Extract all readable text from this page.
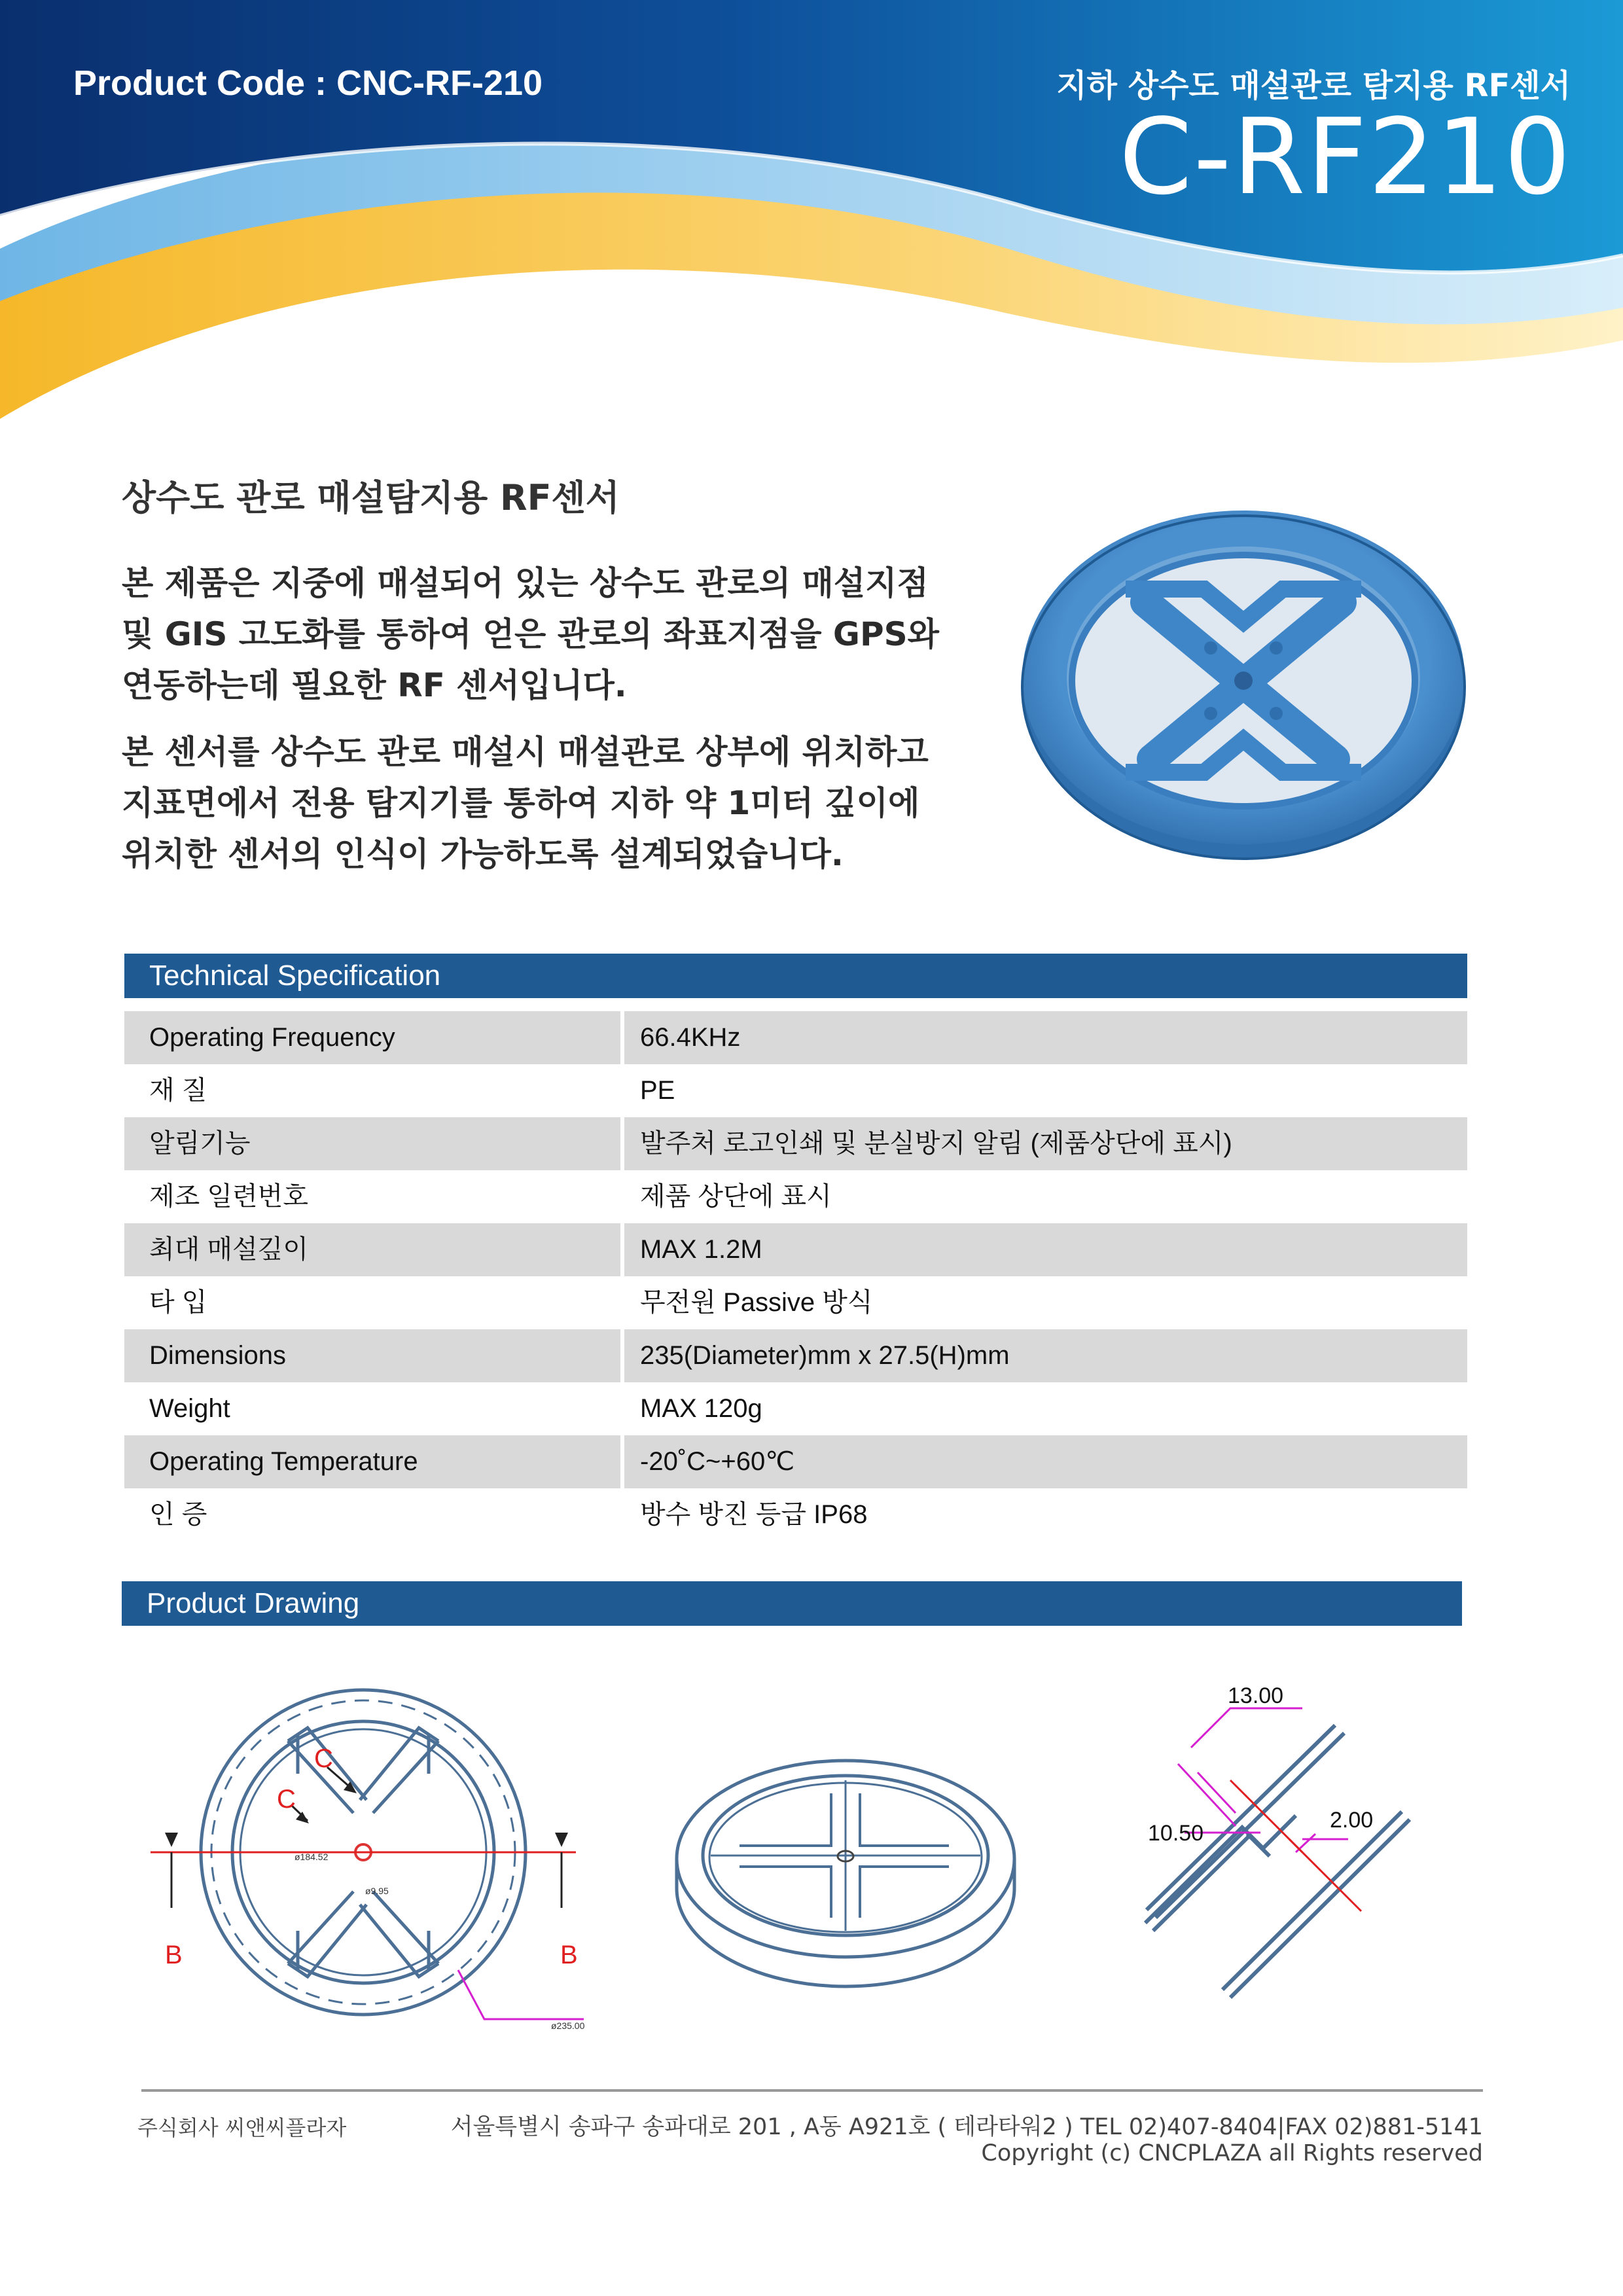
Product Code : CNC-RF-210	지하 상수도 매설관로 탐지용 RF센서
C-RF210
상수도 관로 매설탐지용 RF센서

본 제품은 지중에 매설되어 있는 상수도 관로의 매설지점
및 GIS 고도화를 통하여 얻은 관로의 좌표지점을 GPS와
연동하는데 필요한 RF 센서입니다.

본 센서를 상수도 관로 매설시 매설관로 상부에 위치하고
지표면에서 전용 탐지기를 통하여 지하 약 1미터 깊이에
위치한 센서의 인식이 가능하도록 설계되었습니다.

Technical Specification
Operating Frequency	66.4KHz
재 질	PE
알림기능	발주처 로고인쇄 및 분실방지 알림 (제품상단에 표시)
제조 일련번호	제품 상단에 표시
최대 매설깊이	MAX 1.2M
타 입	무전원 Passive 방식
Dimensions	235(Diameter)mm x 27.5(H)mm
Weight	MAX 120g
Operating Temperature	-20˚C~+60℃
인 증	방수 방진 등급 IP68
Product Drawing
B	B
C
C
ø184.52
ø9.95
ø235.00
13.00
10.50
2.00
주식회사 씨앤씨플라자	서울특별시 송파구 송파대로 201 , A동 A921호 ( 테라타워2 ) TEL 02)407-8404|FAX 02)881-5141
Copyright (c) CNCPLAZA all Rights reserved
